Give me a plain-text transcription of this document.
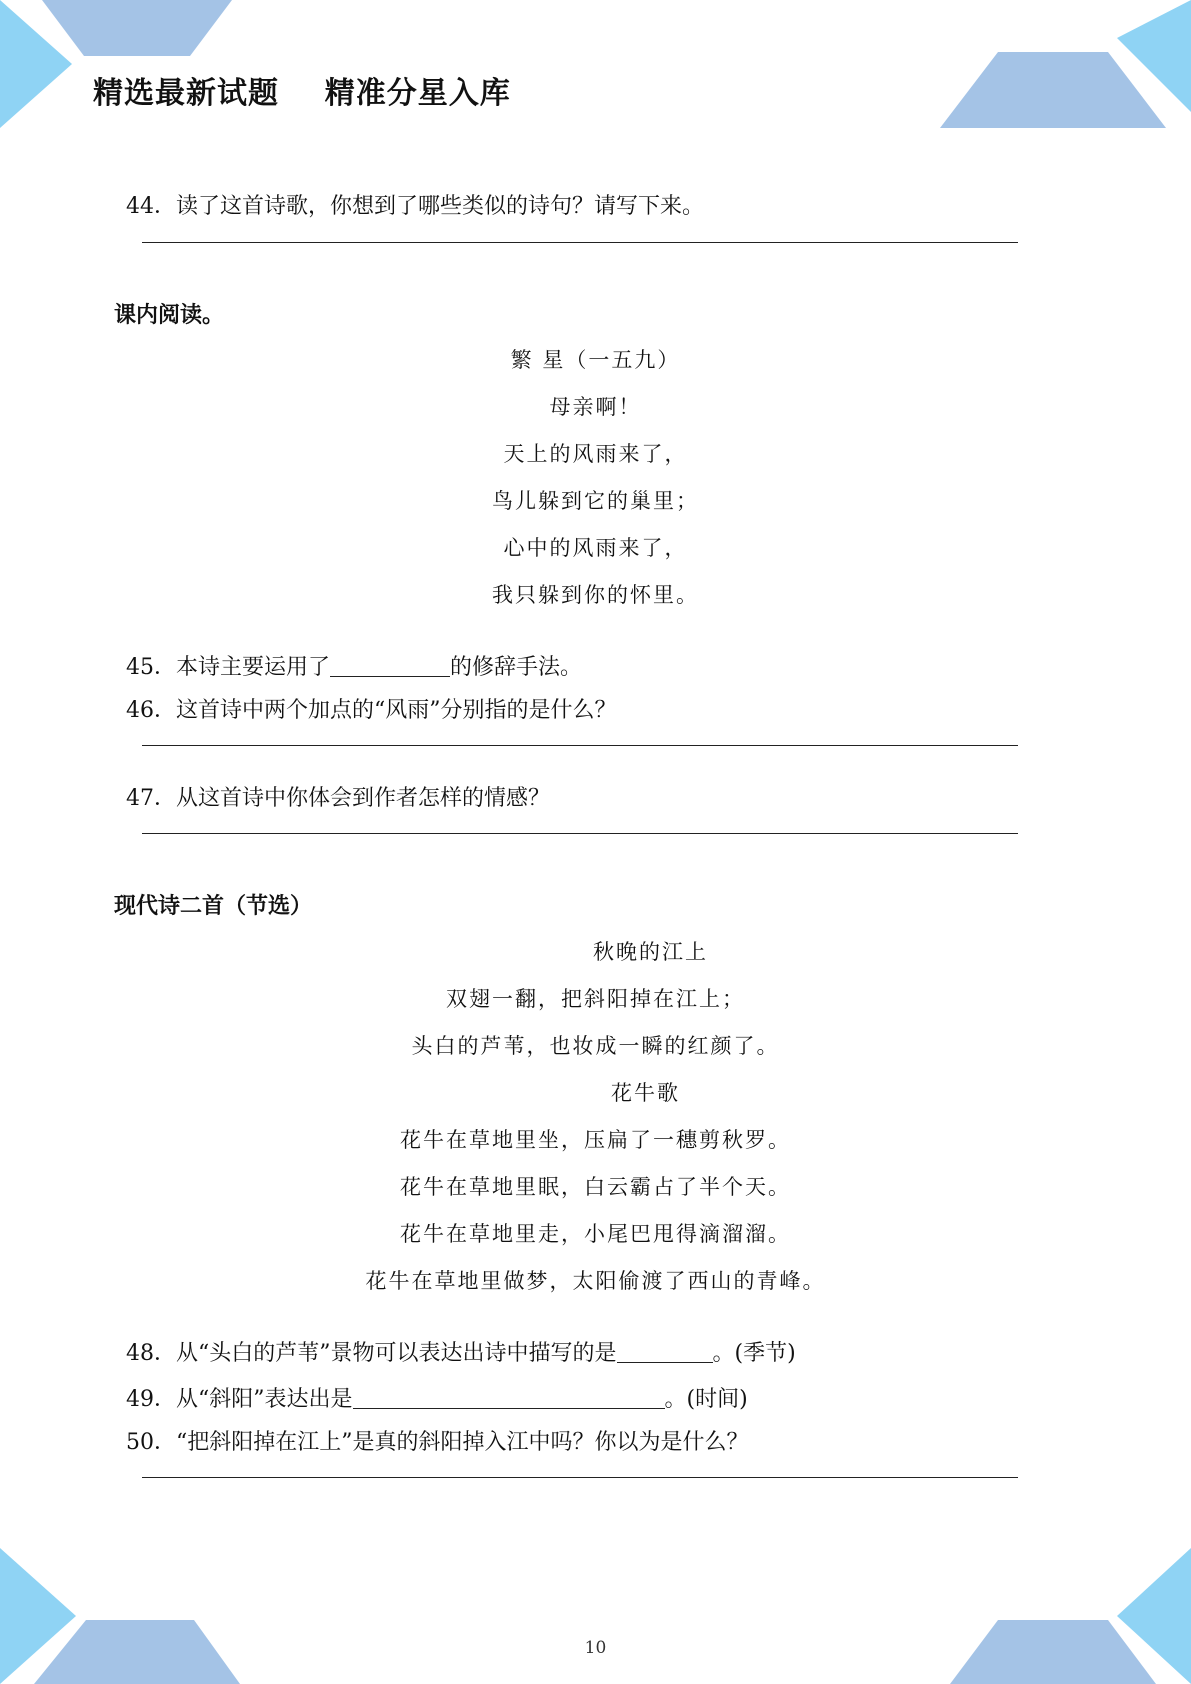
精选最新试题    精准分星入库

44．读了这首诗歌，你想到了哪些类似的诗句？请写下来。

课内阅读。
繁 星（一五九）
母亲啊！
天上的风雨来了，
鸟儿躲到它的巢里；
心中的风雨来了，
我只躲到你的怀里。

45．本诗主要运用了	的修辞手法。

46．这首诗中两个加点的“风雨”分别指的是什么？

47．从这首诗中你体会到作者怎样的情感？

现代诗二首（节选）
秋晚的江上
双翅一翻，把斜阳掉在江上；
头白的芦苇，也妆成一瞬的红颜了。
花牛歌
花牛在草地里坐，压扁了一穗剪秋罗。
花牛在草地里眠，白云霸占了半个天。
花牛在草地里走，小尾巴甩得滴溜溜。
花牛在草地里做梦，太阳偷渡了西山的青峰。

48．从“头白的芦苇”景物可以表达出诗中描写的是	。(季节)

49．从“斜阳”表达出是	。(时间)

50．“把斜阳掉在江上”是真的斜阳掉入江中吗？你以为是什么？

10
